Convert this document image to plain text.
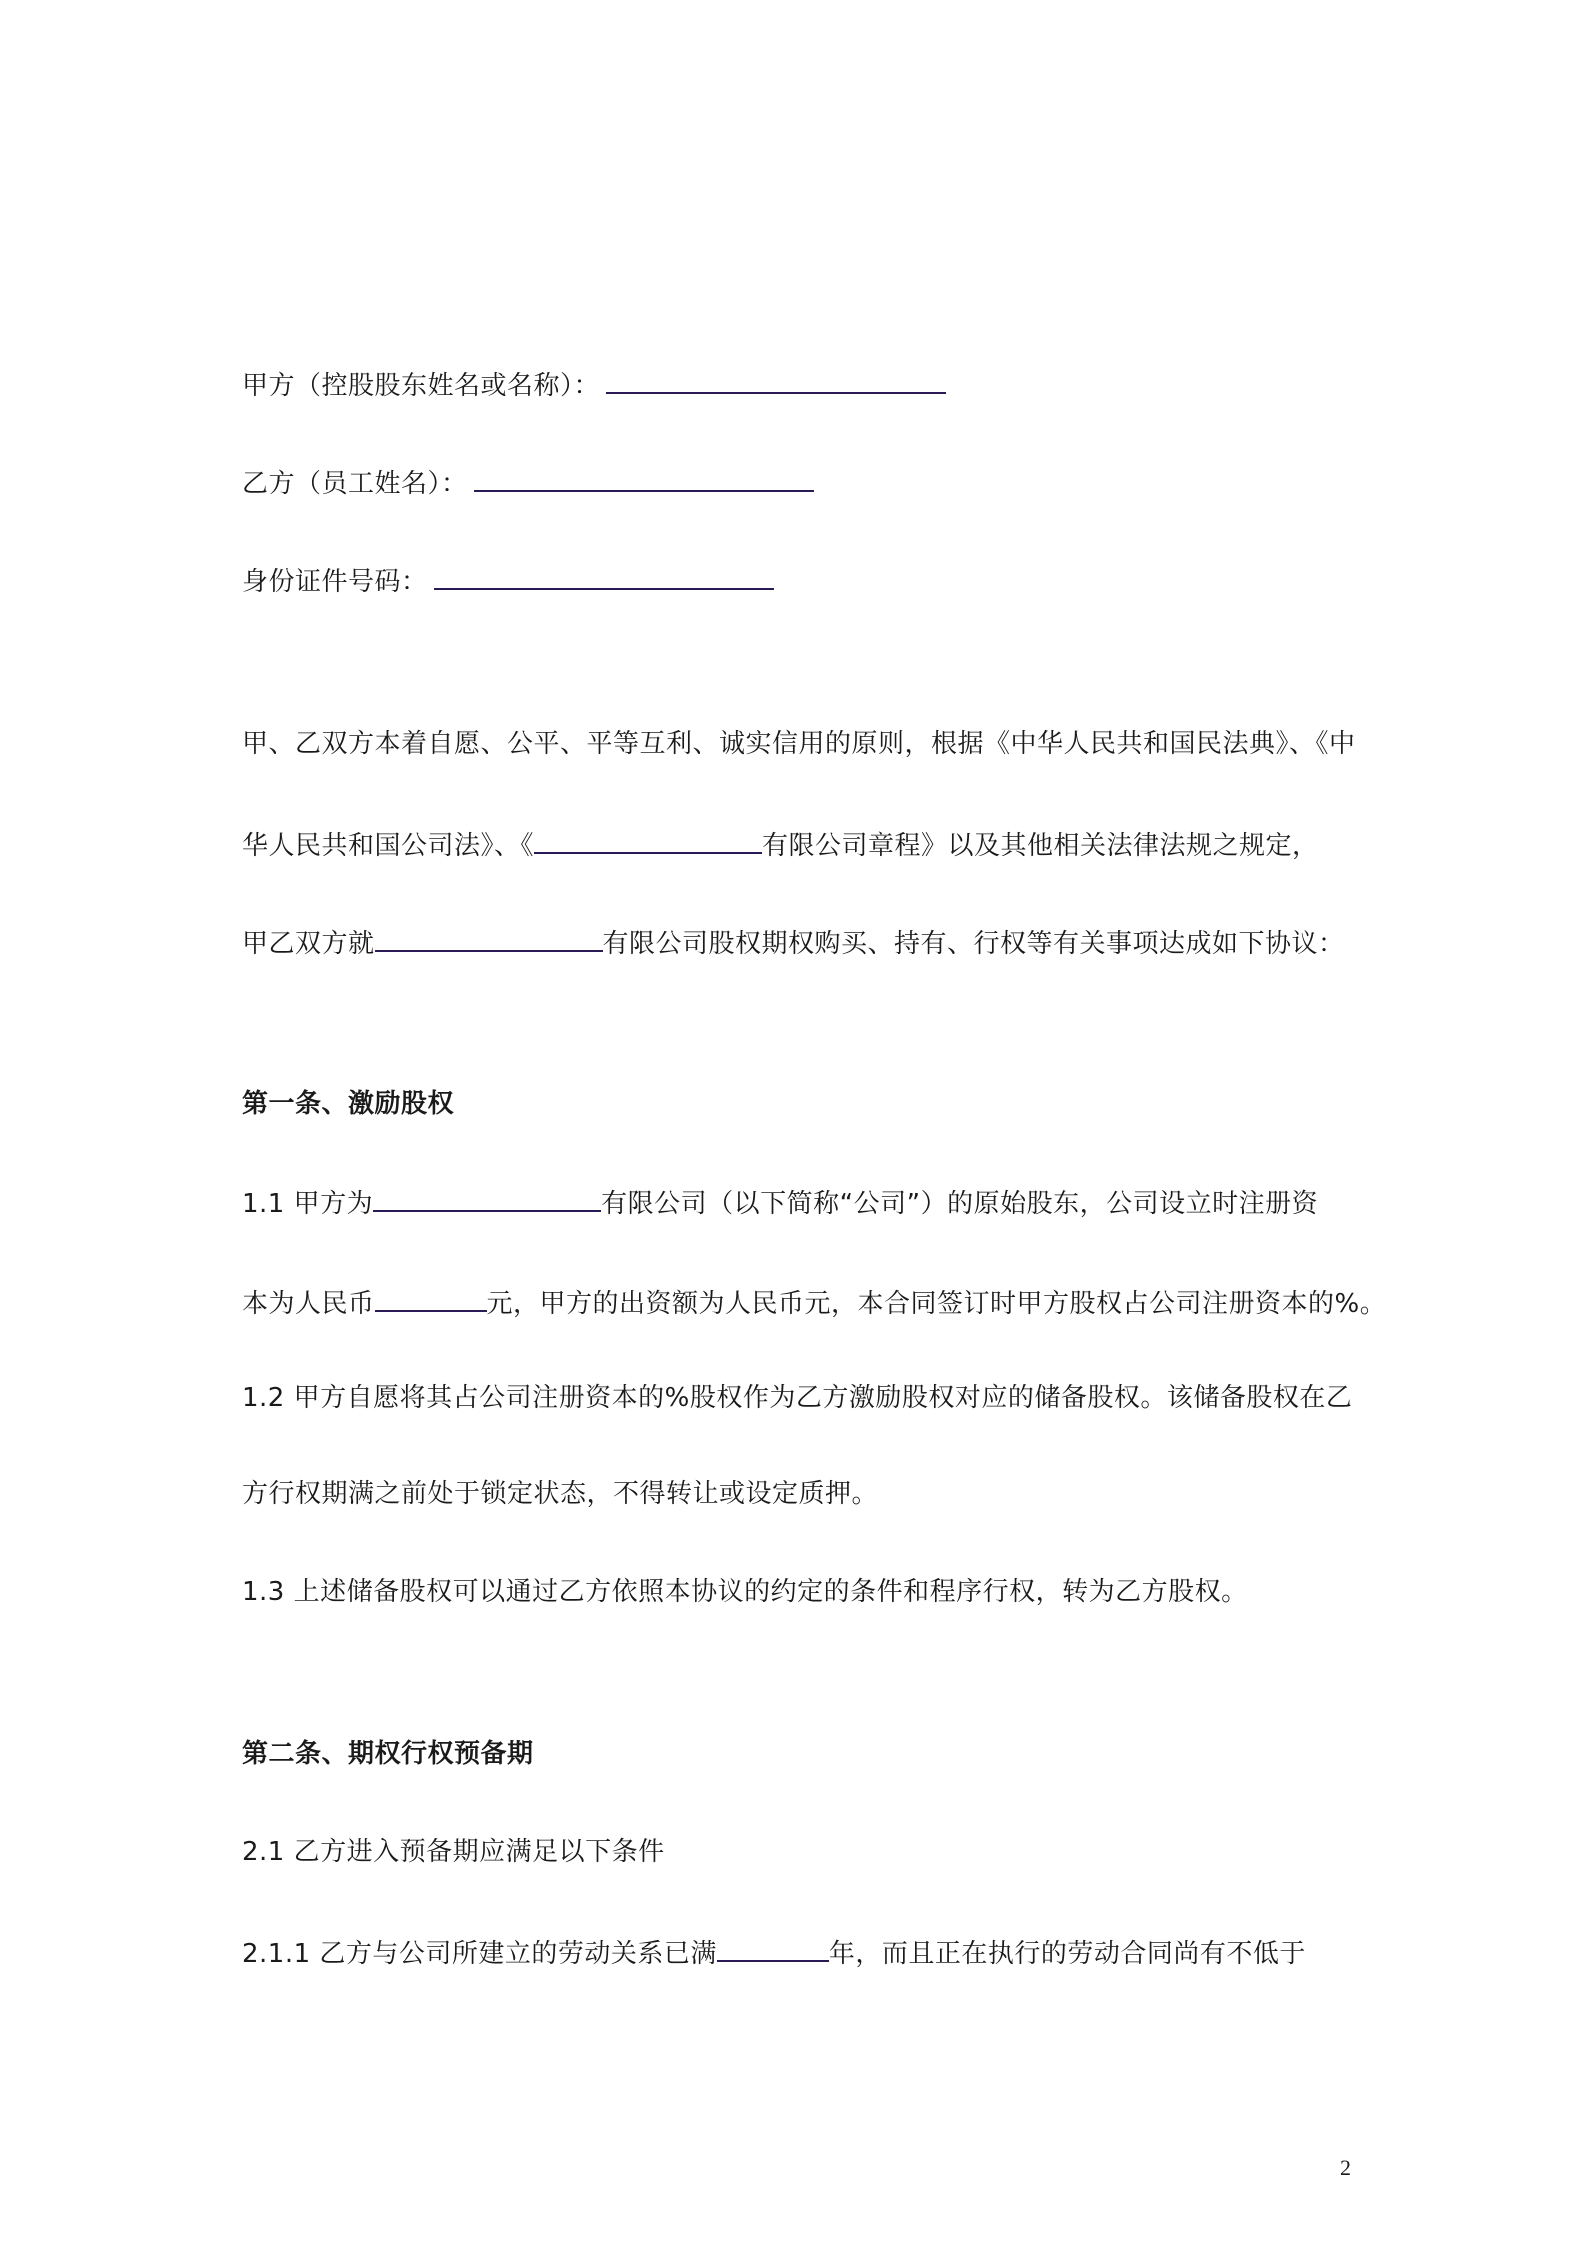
甲方（控股股东姓名或名称）：
乙方（员工姓名）：
身份证件号码：
甲、乙双方本着自愿、公平、平等互利、诚实信用的原则，根据《中华人民共和国民法典》、《中
华人民共和国公司法》、《	有限公司章程》以及其他相关法律法规之规定，
甲乙双方就	有限公司股权期权购买、持有、行权等有关事项达成如下协议：
第一条、激励股权
1.1 甲方为	有限公司（以下简称“公司”）的原始股东，公司设立时注册资
本为人民币	元，甲方的出资额为人民币元，本合同签订时甲方股权占公司注册资本的%。
1.2 甲方自愿将其占公司注册资本的%股权作为乙方激励股权对应的储备股权。该储备股权在乙
方行权期满之前处于锁定状态，不得转让或设定质押。
1.3 上述储备股权可以通过乙方依照本协议的约定的条件和程序行权，转为乙方股权。
第二条、期权行权预备期
2.1 乙方进入预备期应满足以下条件
2.1.1 乙方与公司所建立的劳动关系已满	年，而且正在执行的劳动合同尚有不低于
2
